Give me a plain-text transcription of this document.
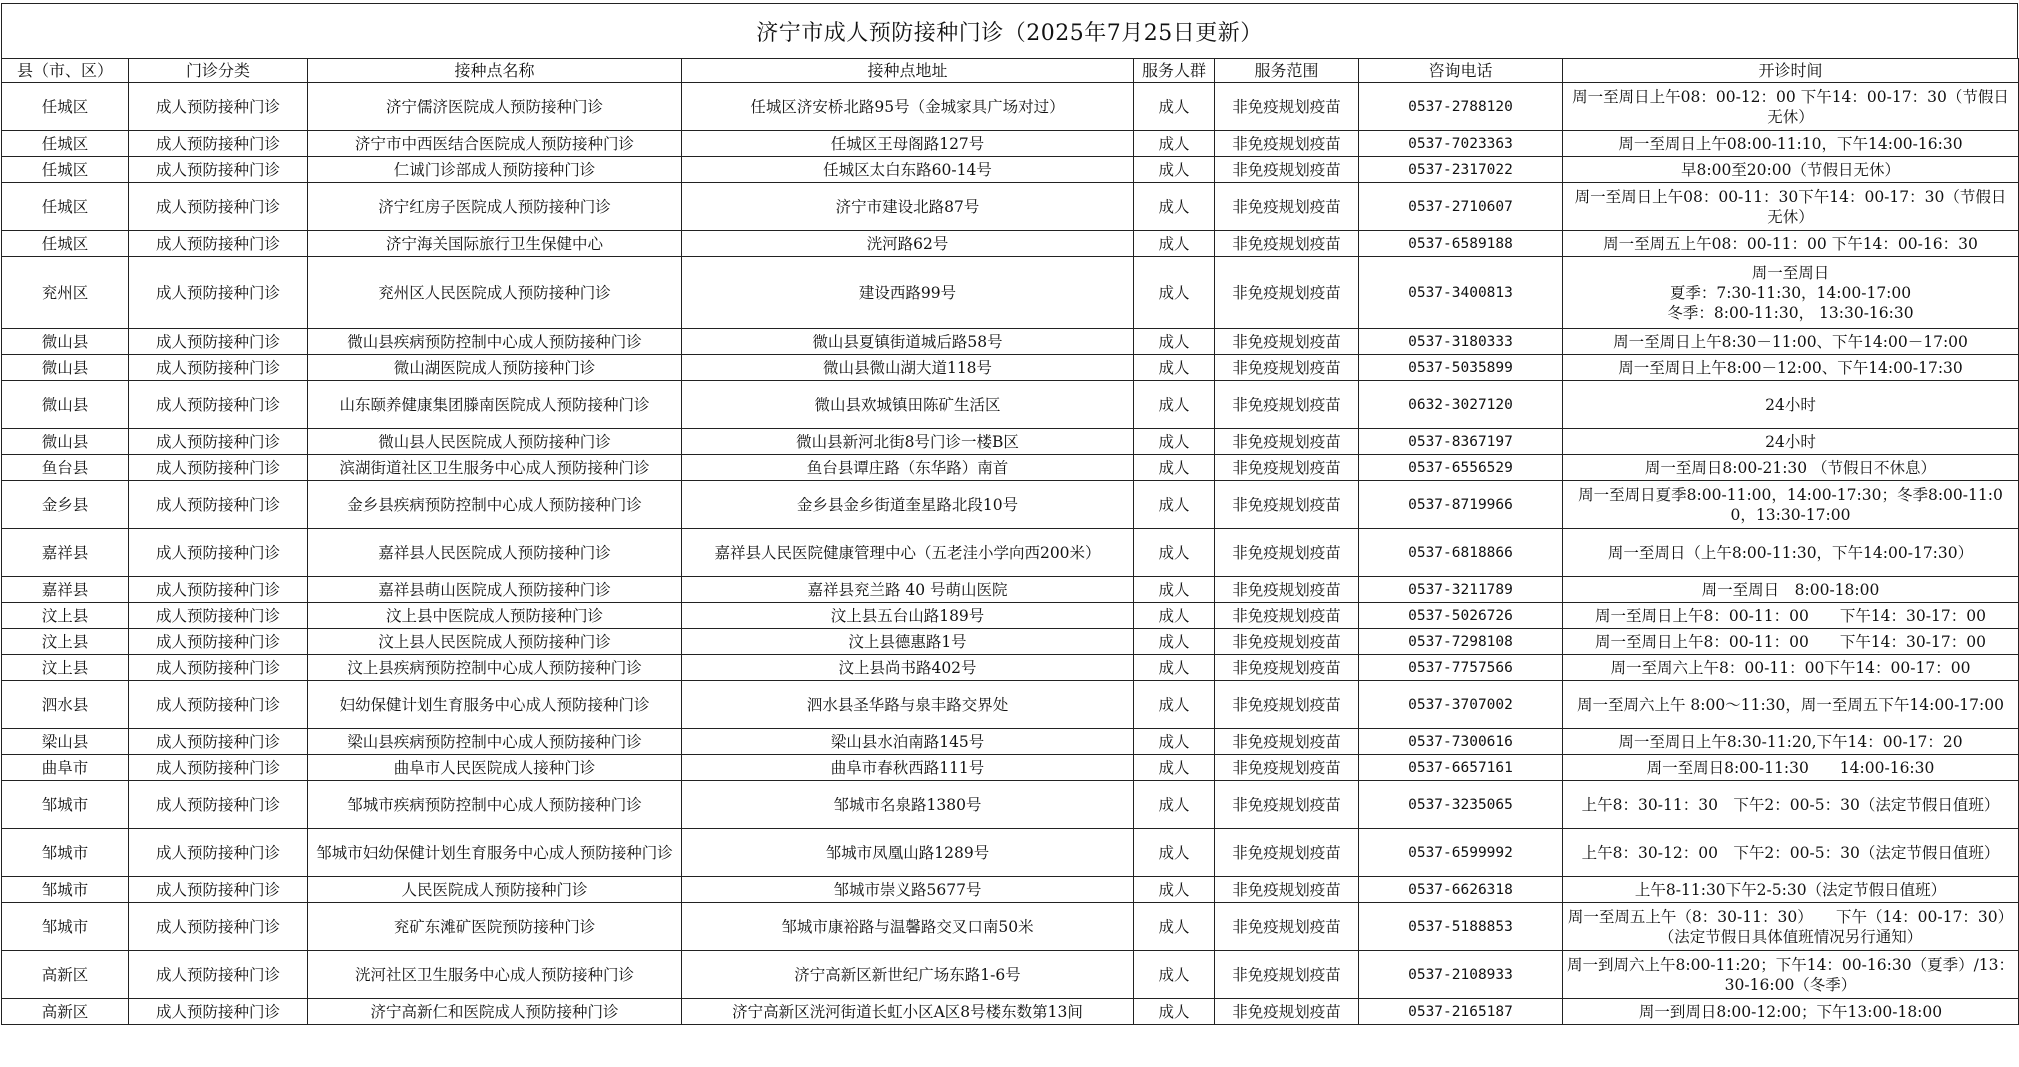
济宁市成人预防接种门诊（2025年7月25日更新）
县（市、区）	门诊分类	接种点名称	接种点地址	服务人群	服务范围	咨询电话	开诊时间
任城区	成人预防接种门诊	济宁儒济医院成人预防接种门诊	任城区济安桥北路95号（金城家具广场对过）	成人	非免疫规划疫苗	0537-2788120	周一至周日上午08：00-12：00 下午14：00-17：30（节假日无休）
任城区	成人预防接种门诊	济宁市中西医结合医院成人预防接种门诊	任城区王母阁路127号	成人	非免疫规划疫苗	0537-7023363	周一至周日上午08:00-11:10，下午14:00-16:30
任城区	成人预防接种门诊	仁诚门诊部成人预防接种门诊	任城区太白东路60-14号	成人	非免疫规划疫苗	0537-2317022	早8:00至20:00（节假日无休）
任城区	成人预防接种门诊	济宁红房子医院成人预防接种门诊	济宁市建设北路87号	成人	非免疫规划疫苗	0537-2710607	周一至周日上午08：00-11：30下午14：00-17：30（节假日无休）
任城区	成人预防接种门诊	济宁海关国际旅行卫生保健中心	洸河路62号	成人	非免疫规划疫苗	0537-6589188	周一至周五上午08：00-11：00 下午14：00-16：30
兖州区	成人预防接种门诊	兖州区人民医院成人预防接种门诊	建设西路99号	成人	非免疫规划疫苗	0537-3400813	周一至周日
夏季：7:30-11:30，14:00-17:00
冬季：8:00-11:30， 13:30-16:30

微山县	成人预防接种门诊	微山县疾病预防控制中心成人预防接种门诊	微山县夏镇街道城后路58号	成人	非免疫规划疫苗	0537-3180333	周一至周日上午8:30－11:00、下午14:00－17:00
微山县	成人预防接种门诊	微山湖医院成人预防接种门诊	微山县微山湖大道118号	成人	非免疫规划疫苗	0537-5035899	周一至周日上午8:00－12:00、下午14:00-17:30
微山县	成人预防接种门诊	山东颐养健康集团滕南医院成人预防接种门诊	微山县欢城镇田陈矿生活区	成人	非免疫规划疫苗	0632-3027120	24小时
微山县	成人预防接种门诊	微山县人民医院成人预防接种门诊	微山县新河北街8号门诊一楼B区	成人	非免疫规划疫苗	0537-8367197	24小时
鱼台县	成人预防接种门诊	滨湖街道社区卫生服务中心成人预防接种门诊	鱼台县谭庄路（东华路）南首	成人	非免疫规划疫苗	0537-6556529	周一至周日8:00-21:30 （节假日不休息）
金乡县	成人预防接种门诊	金乡县疾病预防控制中心成人预防接种门诊	金乡县金乡街道奎星路北段10号	成人	非免疫规划疫苗	0537-8719966	周一至周日夏季8:00-11:00，14:00-17:30；冬季8:00-11:00，13:30-17:00
嘉祥县	成人预防接种门诊	嘉祥县人民医院成人预防接种门诊	嘉祥县人民医院健康管理中心（五老洼小学向西200米）	成人	非免疫规划疫苗	0537-6818866	周一至周日（上午8:00-11:30，下午14:00-17:30）
嘉祥县	成人预防接种门诊	嘉祥县萌山医院成人预防接种门诊	嘉祥县兖兰路 40 号萌山医院	成人	非免疫规划疫苗	0537-3211789	周一至周日　8:00-18:00
汶上县	成人预防接种门诊	汶上县中医院成人预防接种门诊	汶上县五台山路189号	成人	非免疫规划疫苗	0537-5026726	周一至周日上午8：00-11：00　　下午14：30-17：00
汶上县	成人预防接种门诊	汶上县人民医院成人预防接种门诊	汶上县德惠路1号	成人	非免疫规划疫苗	0537-7298108	周一至周日上午8：00-11：00　　下午14：30-17：00
汶上县	成人预防接种门诊	汶上县疾病预防控制中心成人预防接种门诊	汶上县尚书路402号	成人	非免疫规划疫苗	0537-7757566	周一至周六上午8：00-11：00下午14：00-17：00
泗水县	成人预防接种门诊	妇幼保健计划生育服务中心成人预防接种门诊	泗水县圣华路与泉丰路交界处	成人	非免疫规划疫苗	0537-3707002	周一至周六上午 8:00～11:30，周一至周五下午14:00-17:00
梁山县	成人预防接种门诊	梁山县疾病预防控制中心成人预防接种门诊	梁山县水泊南路145号	成人	非免疫规划疫苗	0537-7300616	周一至周日上午8:30-11:20,下午14：00-17：20
曲阜市	成人预防接种门诊	曲阜市人民医院成人接种门诊	曲阜市春秋西路111号	成人	非免疫规划疫苗	0537-6657161	周一至周日8:00-11:30　　14:00-16:30
邹城市	成人预防接种门诊	邹城市疾病预防控制中心成人预防接种门诊	邹城市名泉路1380号	成人	非免疫规划疫苗	0537-3235065	上午8：30-11：30　下午2：00-5：30（法定节假日值班）
邹城市	成人预防接种门诊	邹城市妇幼保健计划生育服务中心成人预防接种门诊	邹城市凤凰山路1289号	成人	非免疫规划疫苗	0537-6599992	上午8：30-12：00　下午2：00-5：30（法定节假日值班）
邹城市	成人预防接种门诊	人民医院成人预防接种门诊	邹城市崇义路5677号	成人	非免疫规划疫苗	0537-6626318	上午8-11:30下午2-5:30（法定节假日值班）
邹城市	成人预防接种门诊	兖矿东滩矿医院预防接种门诊	邹城市康裕路与温馨路交叉口南50米	成人	非免疫规划疫苗	0537-5188853	周一至周五上午（8：30-11：30）　　下午（14：00-17：30）（法定节假日具体值班情况另行通知）
高新区	成人预防接种门诊	洸河社区卫生服务中心成人预防接种门诊	济宁高新区新世纪广场东路1-6号	成人	非免疫规划疫苗	0537-2108933	周一到周六上午8:00-11:20；下午14：00-16:30（夏季）/13：30-16:00（冬季）
高新区	成人预防接种门诊	济宁高新仁和医院成人预防接种门诊	济宁高新区洸河街道长虹小区A区8号楼东数第13间	成人	非免疫规划疫苗	0537-2165187	周一到周日8:00-12:00；下午13:00-18:00
